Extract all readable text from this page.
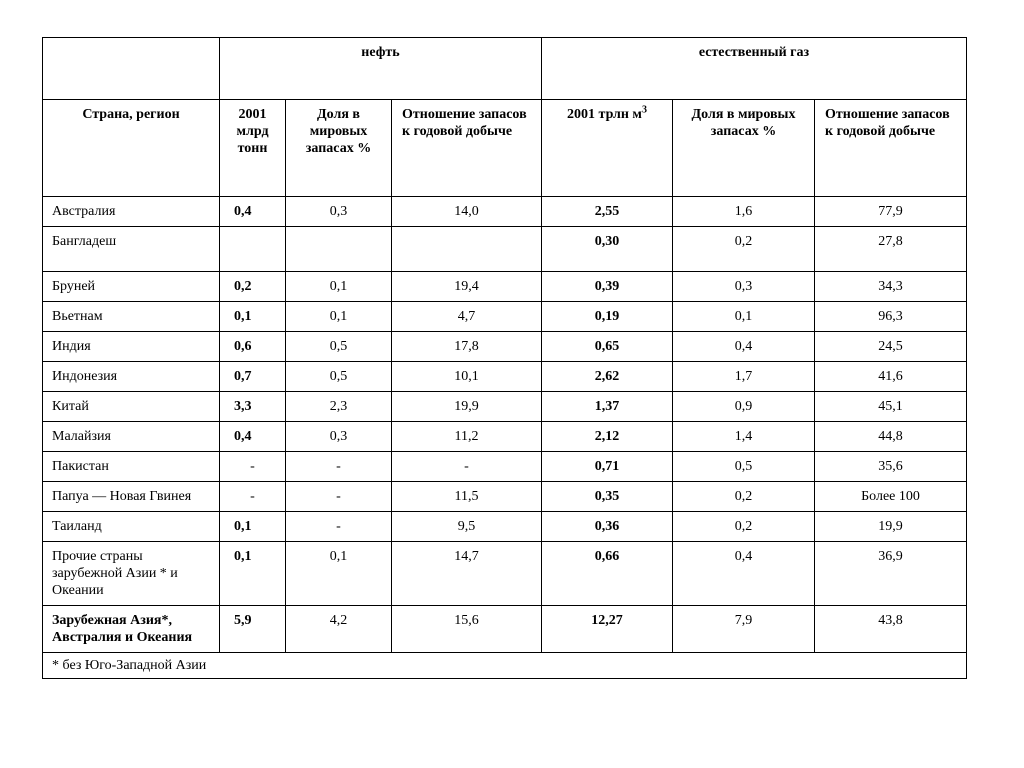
	нефть			естественный газ		
Страна, регион	2001 млрд тонн	Доля в мировых запасах %	Отношение запасов к годовой добыче	2001 трлн $м^3$	Доля в мировых запасах %	Отношение запасов к годовой добыче
Австралия	0,4	0,3	14,0	2,55	1,6	77,9
Бангладеш				0,30	0,2	27,8
Бруней	0,2	0,1	19,4	0,39	0,3	34,3
Вьетнам	0,1	0,1	4,7	0,19	0,1	96,3
Индия	0,6	0,5	17,8	0,65	0,4	24,5
Индонезия	0,7	0,5	10,1	2,62	1,7	41,6
Китай	3,3	2,3	19,9	1,37	0,9	45,1
Малайзия	0,4	0,3	11,2	2,12	1,4	44,8
Пакистан	-	-	-	0,71	0,5	35,6
Папуа — Новая Гвинея	-	-	11,5	0,35	0,2	Более 100
Таиланд	0,1	-	9,5	0,36	0,2	19,9
Прочие страны зарубежной Азии * и Океании	0,1	0,1	14,7	0,66	0,4	36,9
Зарубежная Азия*, Австралия и Океания	5,9	4,2	15,6	12,27	7,9	43,8
* без Юго-Западной Азии						
